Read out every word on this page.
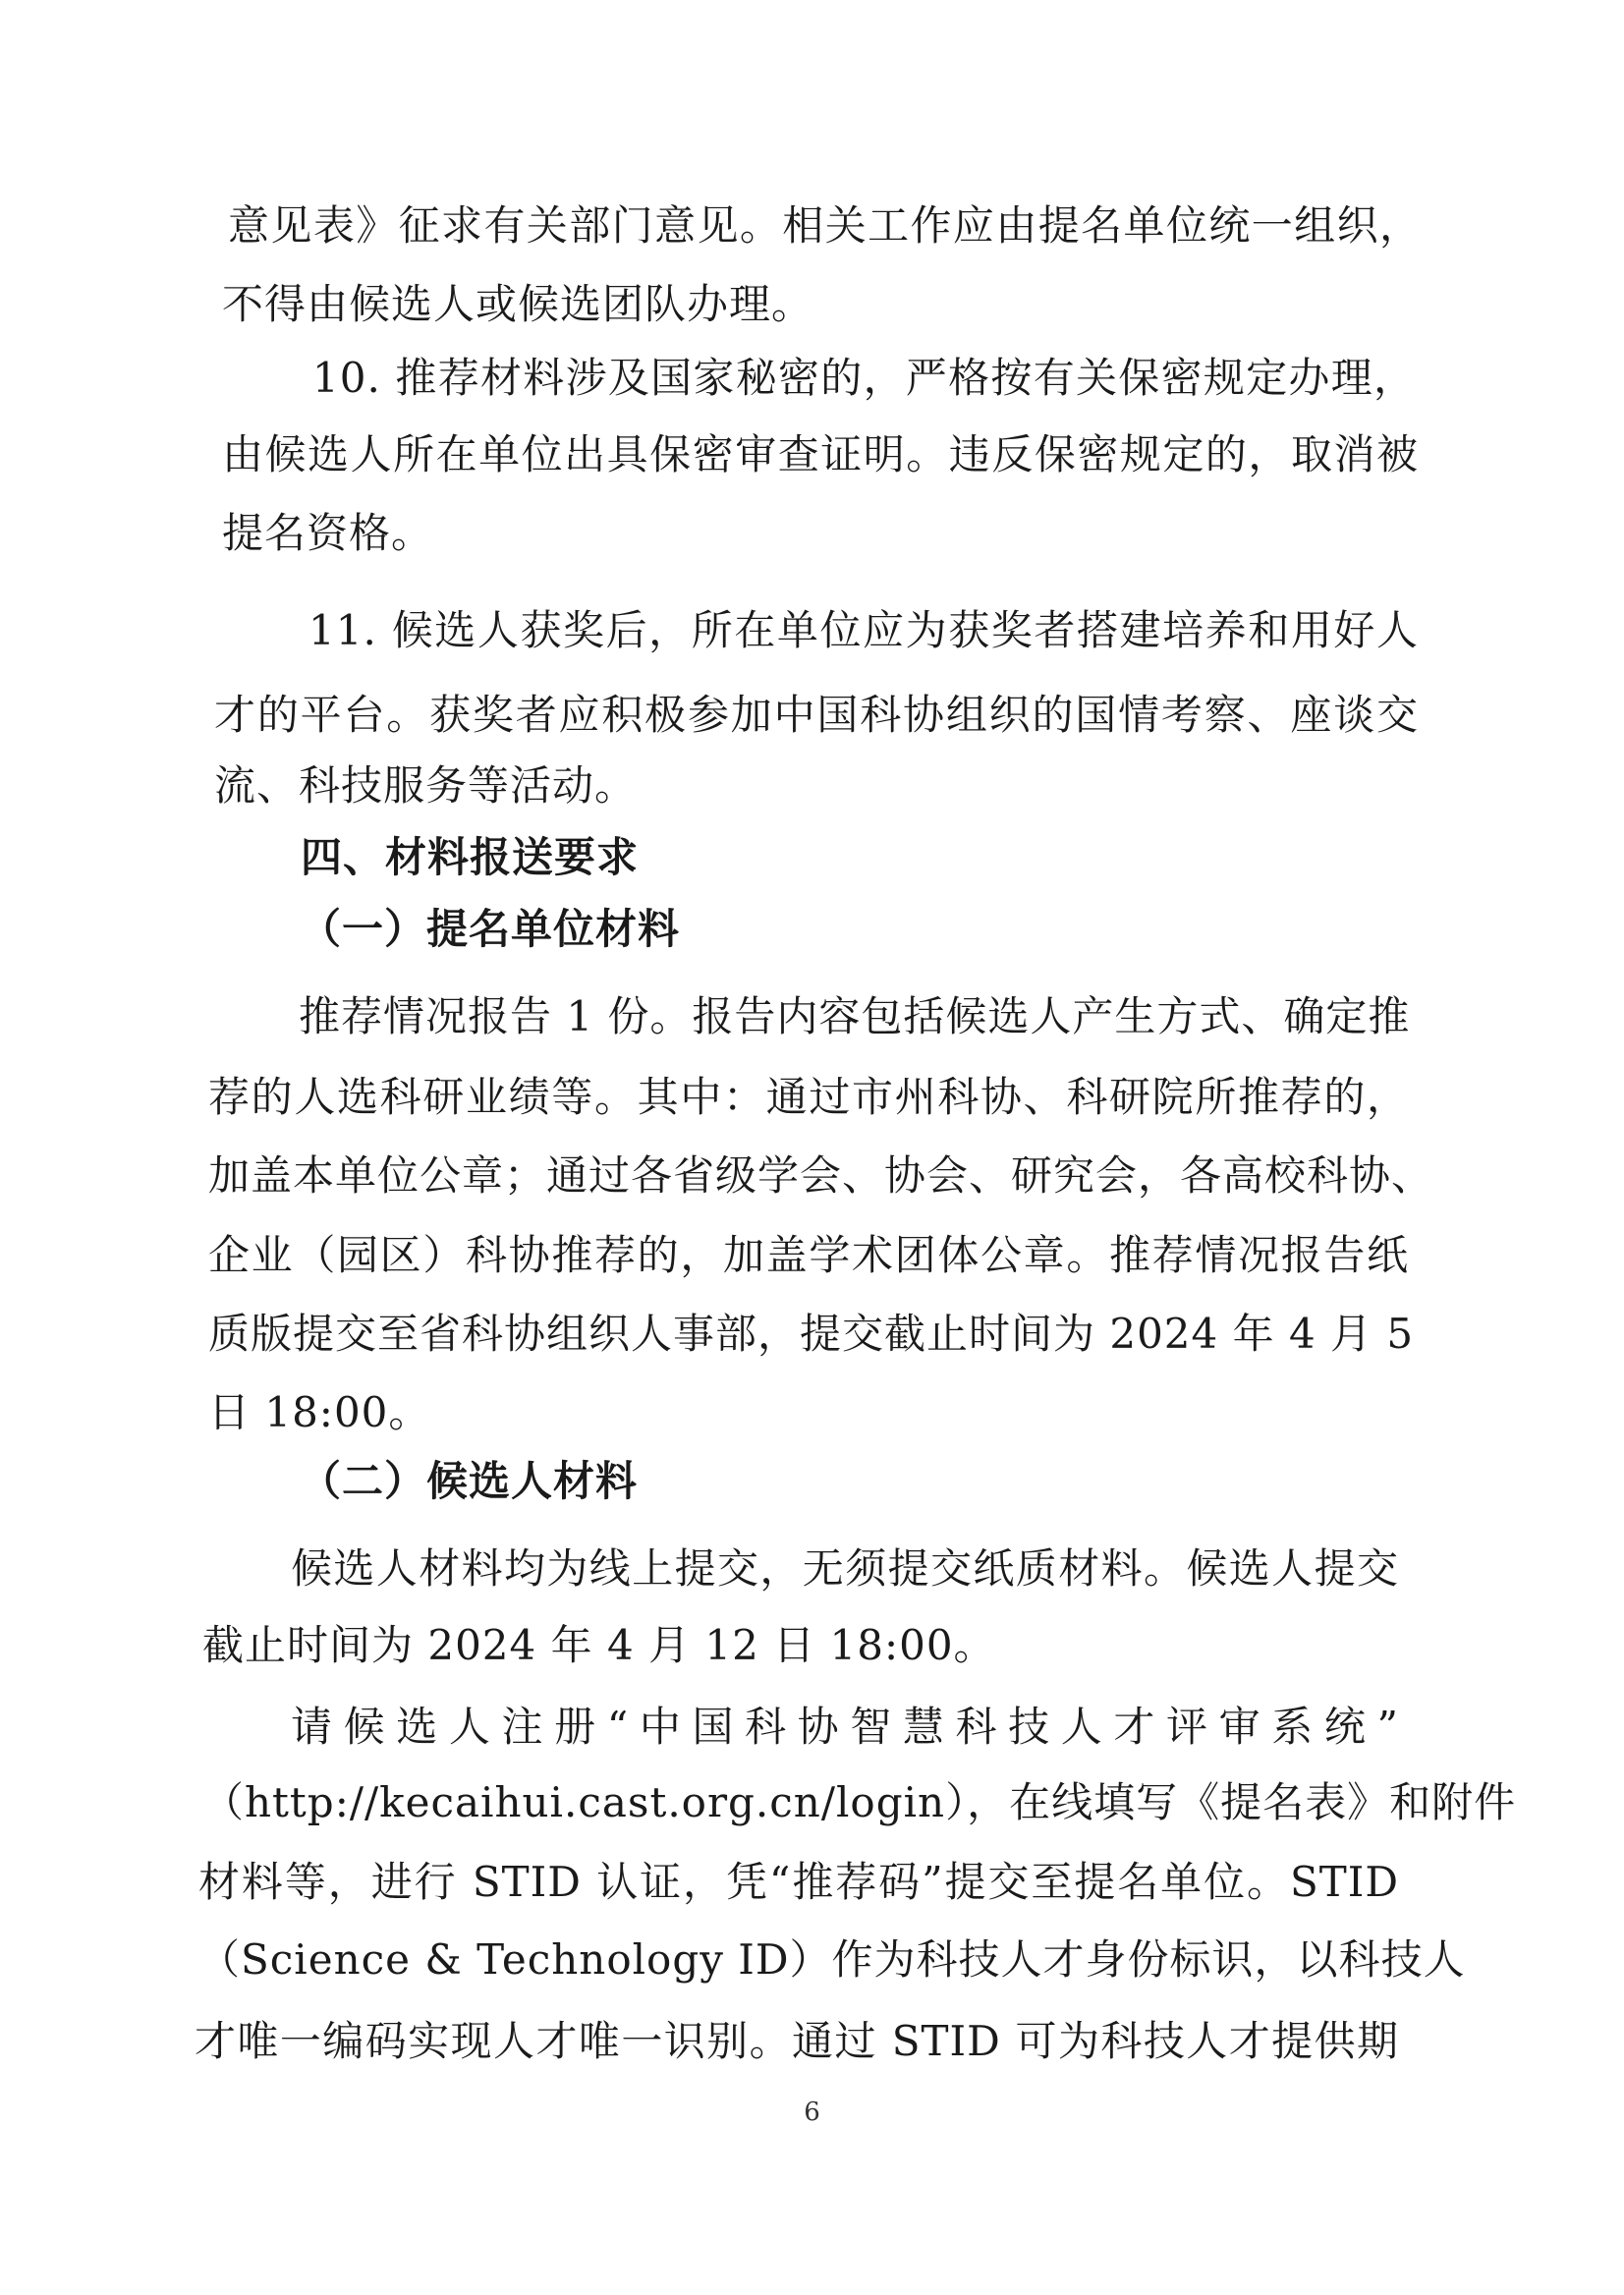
意见表》征求有关部门意见。相关工作应由提名单位统一组织，
不得由候选人或候选团队办理。
10. 推荐材料涉及国家秘密的，严格按有关保密规定办理，
由候选人所在单位出具保密审查证明。违反保密规定的，取消被
提名资格。
11. 候选人获奖后，所在单位应为获奖者搭建培养和用好人
才的平台。获奖者应积极参加中国科协组织的国情考察、座谈交
流、科技服务等活动。
四、材料报送要求
（一）提名单位材料
推荐情况报告 1 份。报告内容包括候选人产生方式、确定推
荐的人选科研业绩等。其中：通过市州科协、科研院所推荐的，
加盖本单位公章；通过各省级学会、协会、研究会，各高校科协、
企业（园区）科协推荐的，加盖学术团体公章。推荐情况报告纸
质版提交至省科协组织人事部，提交截止时间为 2024 年 4 月 5
日 18:00。
（二）候选人材料
候选人材料均为线上提交，无须提交纸质材料。候选人提交
截止时间为 2024 年 4 月 12 日 18:00。
请候选人注册“中国科协智慧科技人才评审系统”
（http://kecaihui.cast.org.cn/login），在线填写《提名表》和附件
材料等，进行 STID 认证，凭“推荐码”提交至提名单位。STID
（Science & Technology ID）作为科技人才身份标识，以科技人
才唯一编码实现人才唯一识别。通过 STID 可为科技人才提供期
6
